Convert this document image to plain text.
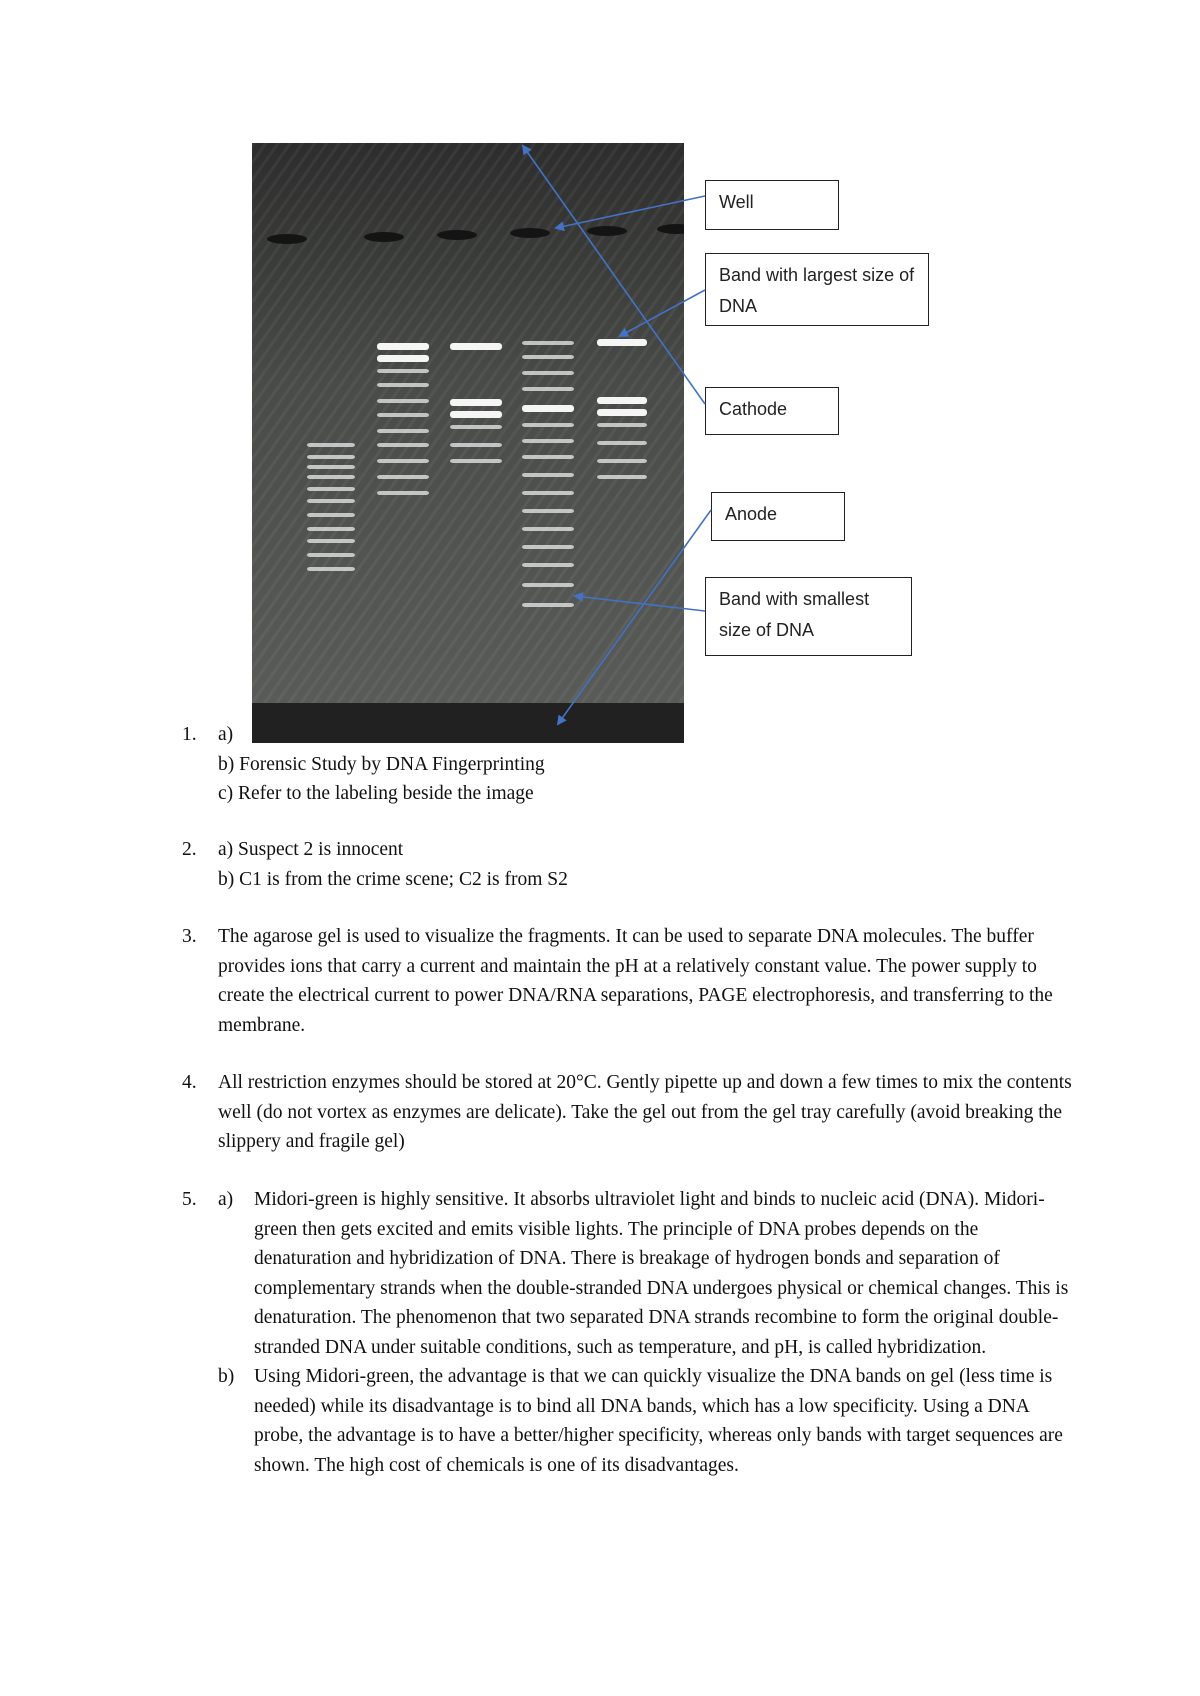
Well
Band with largest size of DNA
Cathode
Anode
Band with smallest size of DNA
1.	a)
b) Forensic Study by DNA Fingerprinting
c) Refer to the labeling beside the image
2.	a) Suspect 2 is innocent
b) C1 is from the crime scene; C2 is from S2
3.	The agarose gel is used to visualize the fragments. It can be used to separate DNA molecules. The buffer provides ions that carry a current and maintain the pH at a relatively constant value. The power supply to create the electrical current to power DNA/RNA separations, PAGE electrophoresis, and transferring to the membrane.
4.	All restriction enzymes should be stored at 20°C. Gently pipette up and down a few times to mix the contents well (do not vortex as enzymes are delicate). Take the gel out from the gel tray carefully (avoid breaking the slippery and fragile gel)
5.	a) Midori-green is highly sensitive. It absorbs ultraviolet light and binds to nucleic acid (DNA). Midori-green then gets excited and emits visible lights. The principle of DNA probes depends on the denaturation and hybridization of DNA. There is breakage of hydrogen bonds and separation of complementary strands when the double-stranded DNA undergoes physical or chemical changes. This is denaturation. The phenomenon that two separated DNA strands recombine to form the original double-stranded DNA under suitable conditions, such as temperature, and pH, is called hybridization.
b) Using Midori-green, the advantage is that we can quickly visualize the DNA bands on gel (less time is needed) while its disadvantage is to bind all DNA bands, which has a low specificity. Using a DNA probe, the advantage is to have a better/higher specificity, whereas only bands with target sequences are shown. The high cost of chemicals is one of its disadvantages.
